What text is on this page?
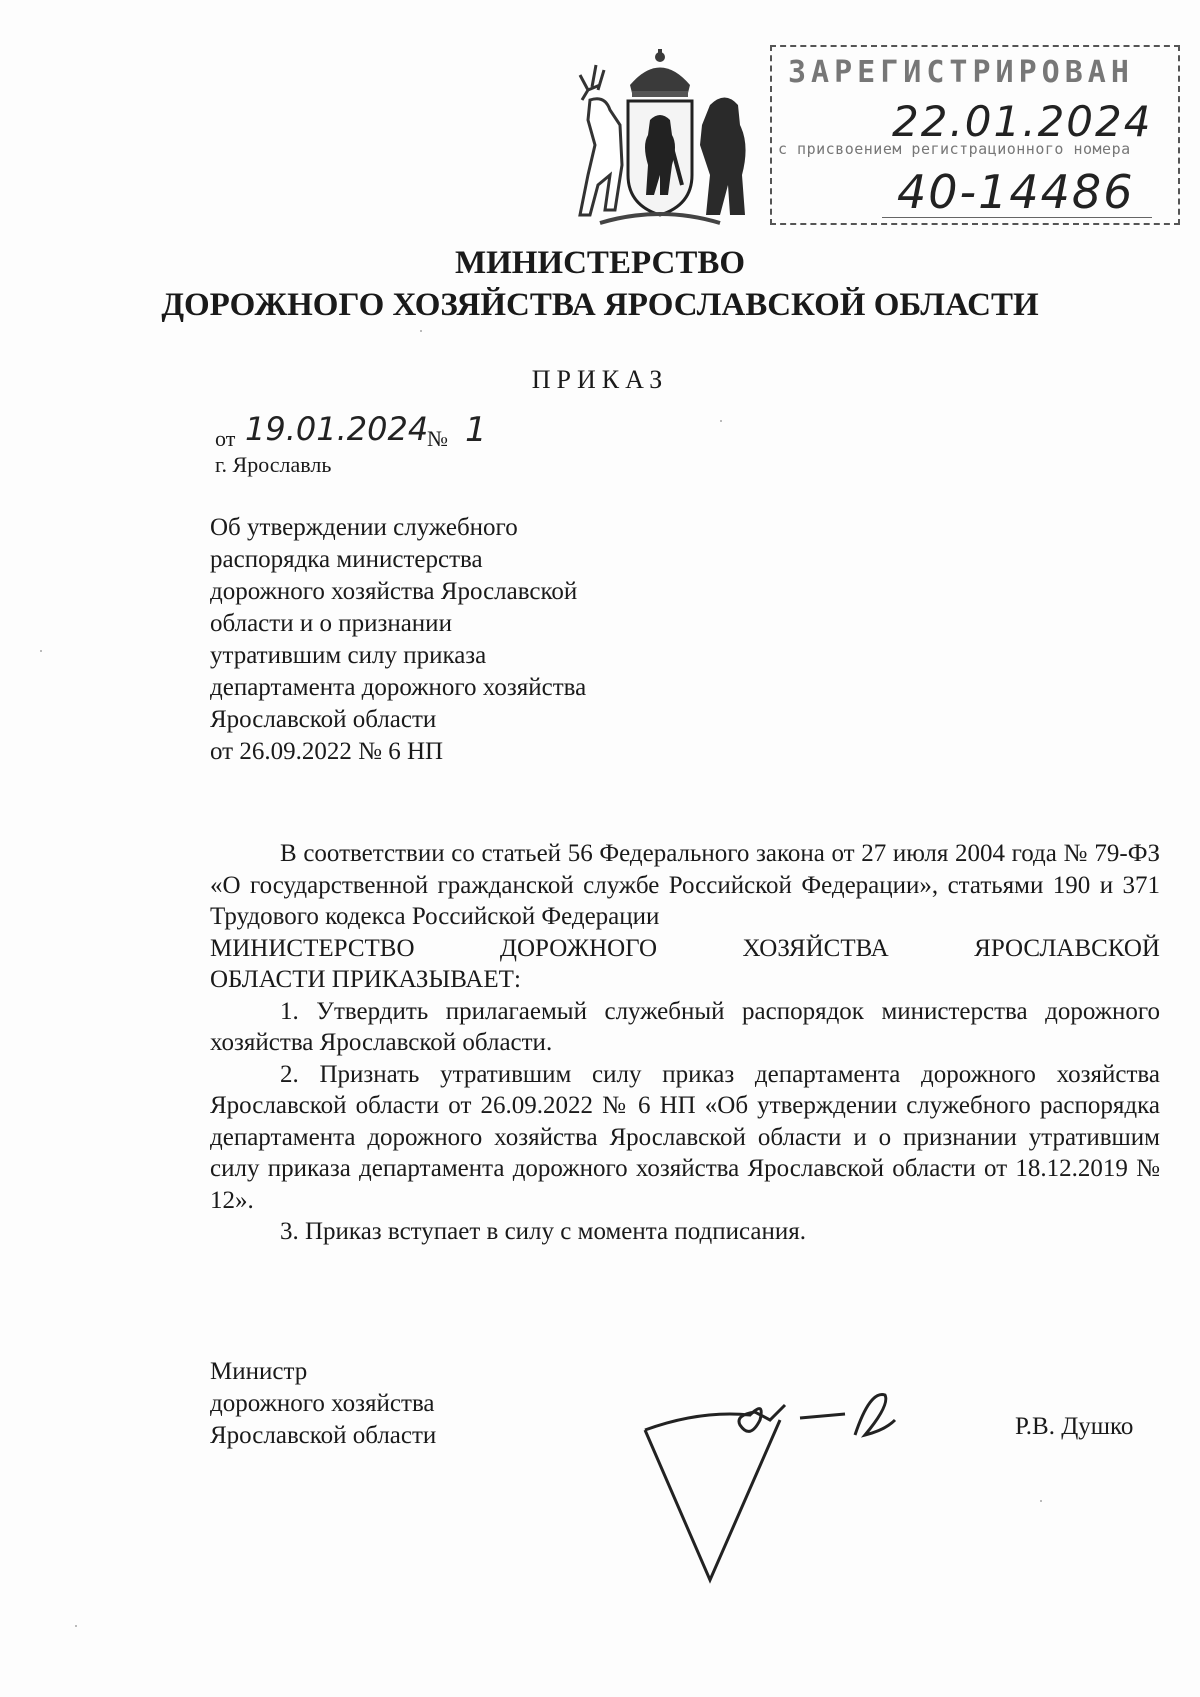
ЗАРЕГИСТРИРОВАН
22.01.2024
с присвоением регистрационного номера
40-14486
МИНИСТЕРСТВО
ДОРОЖНОГО ХОЗЯЙСТВА ЯРОСЛАВСКОЙ ОБЛАСТИ
ПРИКАЗ
от 19.01.2024
№ 1
г. Ярославль
Об утверждении служебного
распорядка министерства
дорожного хозяйства Ярославской
области и о признании
утратившим силу приказа
департамента дорожного хозяйства
Ярославской области
от 26.09.2022 № 6 НП

В соответствии со статьей 56 Федерального закона от 27 июля 2004 года № 79-ФЗ «О государственной гражданской службе Российской Федерации», статьями 190 и 371 Трудового кодекса Российской Федерации

МИНИСТЕРСТВО ДОРОЖНОГО ХОЗЯЙСТВА ЯРОСЛАВСКОЙ

ОБЛАСТИ ПРИКАЗЫВАЕТ:

1. Утвердить прилагаемый служебный распорядок министерства дорожного хозяйства Ярославской области.

2. Признать утратившим силу приказ департамента дорожного хозяйства Ярославской области от 26.09.2022 № 6 НП «Об утверждении служебного распорядка департамента дорожного хозяйства Ярославской области и о признании утратившим силу приказа департамента дорожного хозяйства Ярославской области от 18.12.2019 № 12».

3. Приказ вступает в силу с момента подписания.

Министр
дорожного хозяйства
Ярославской области	Р.В. Душко
